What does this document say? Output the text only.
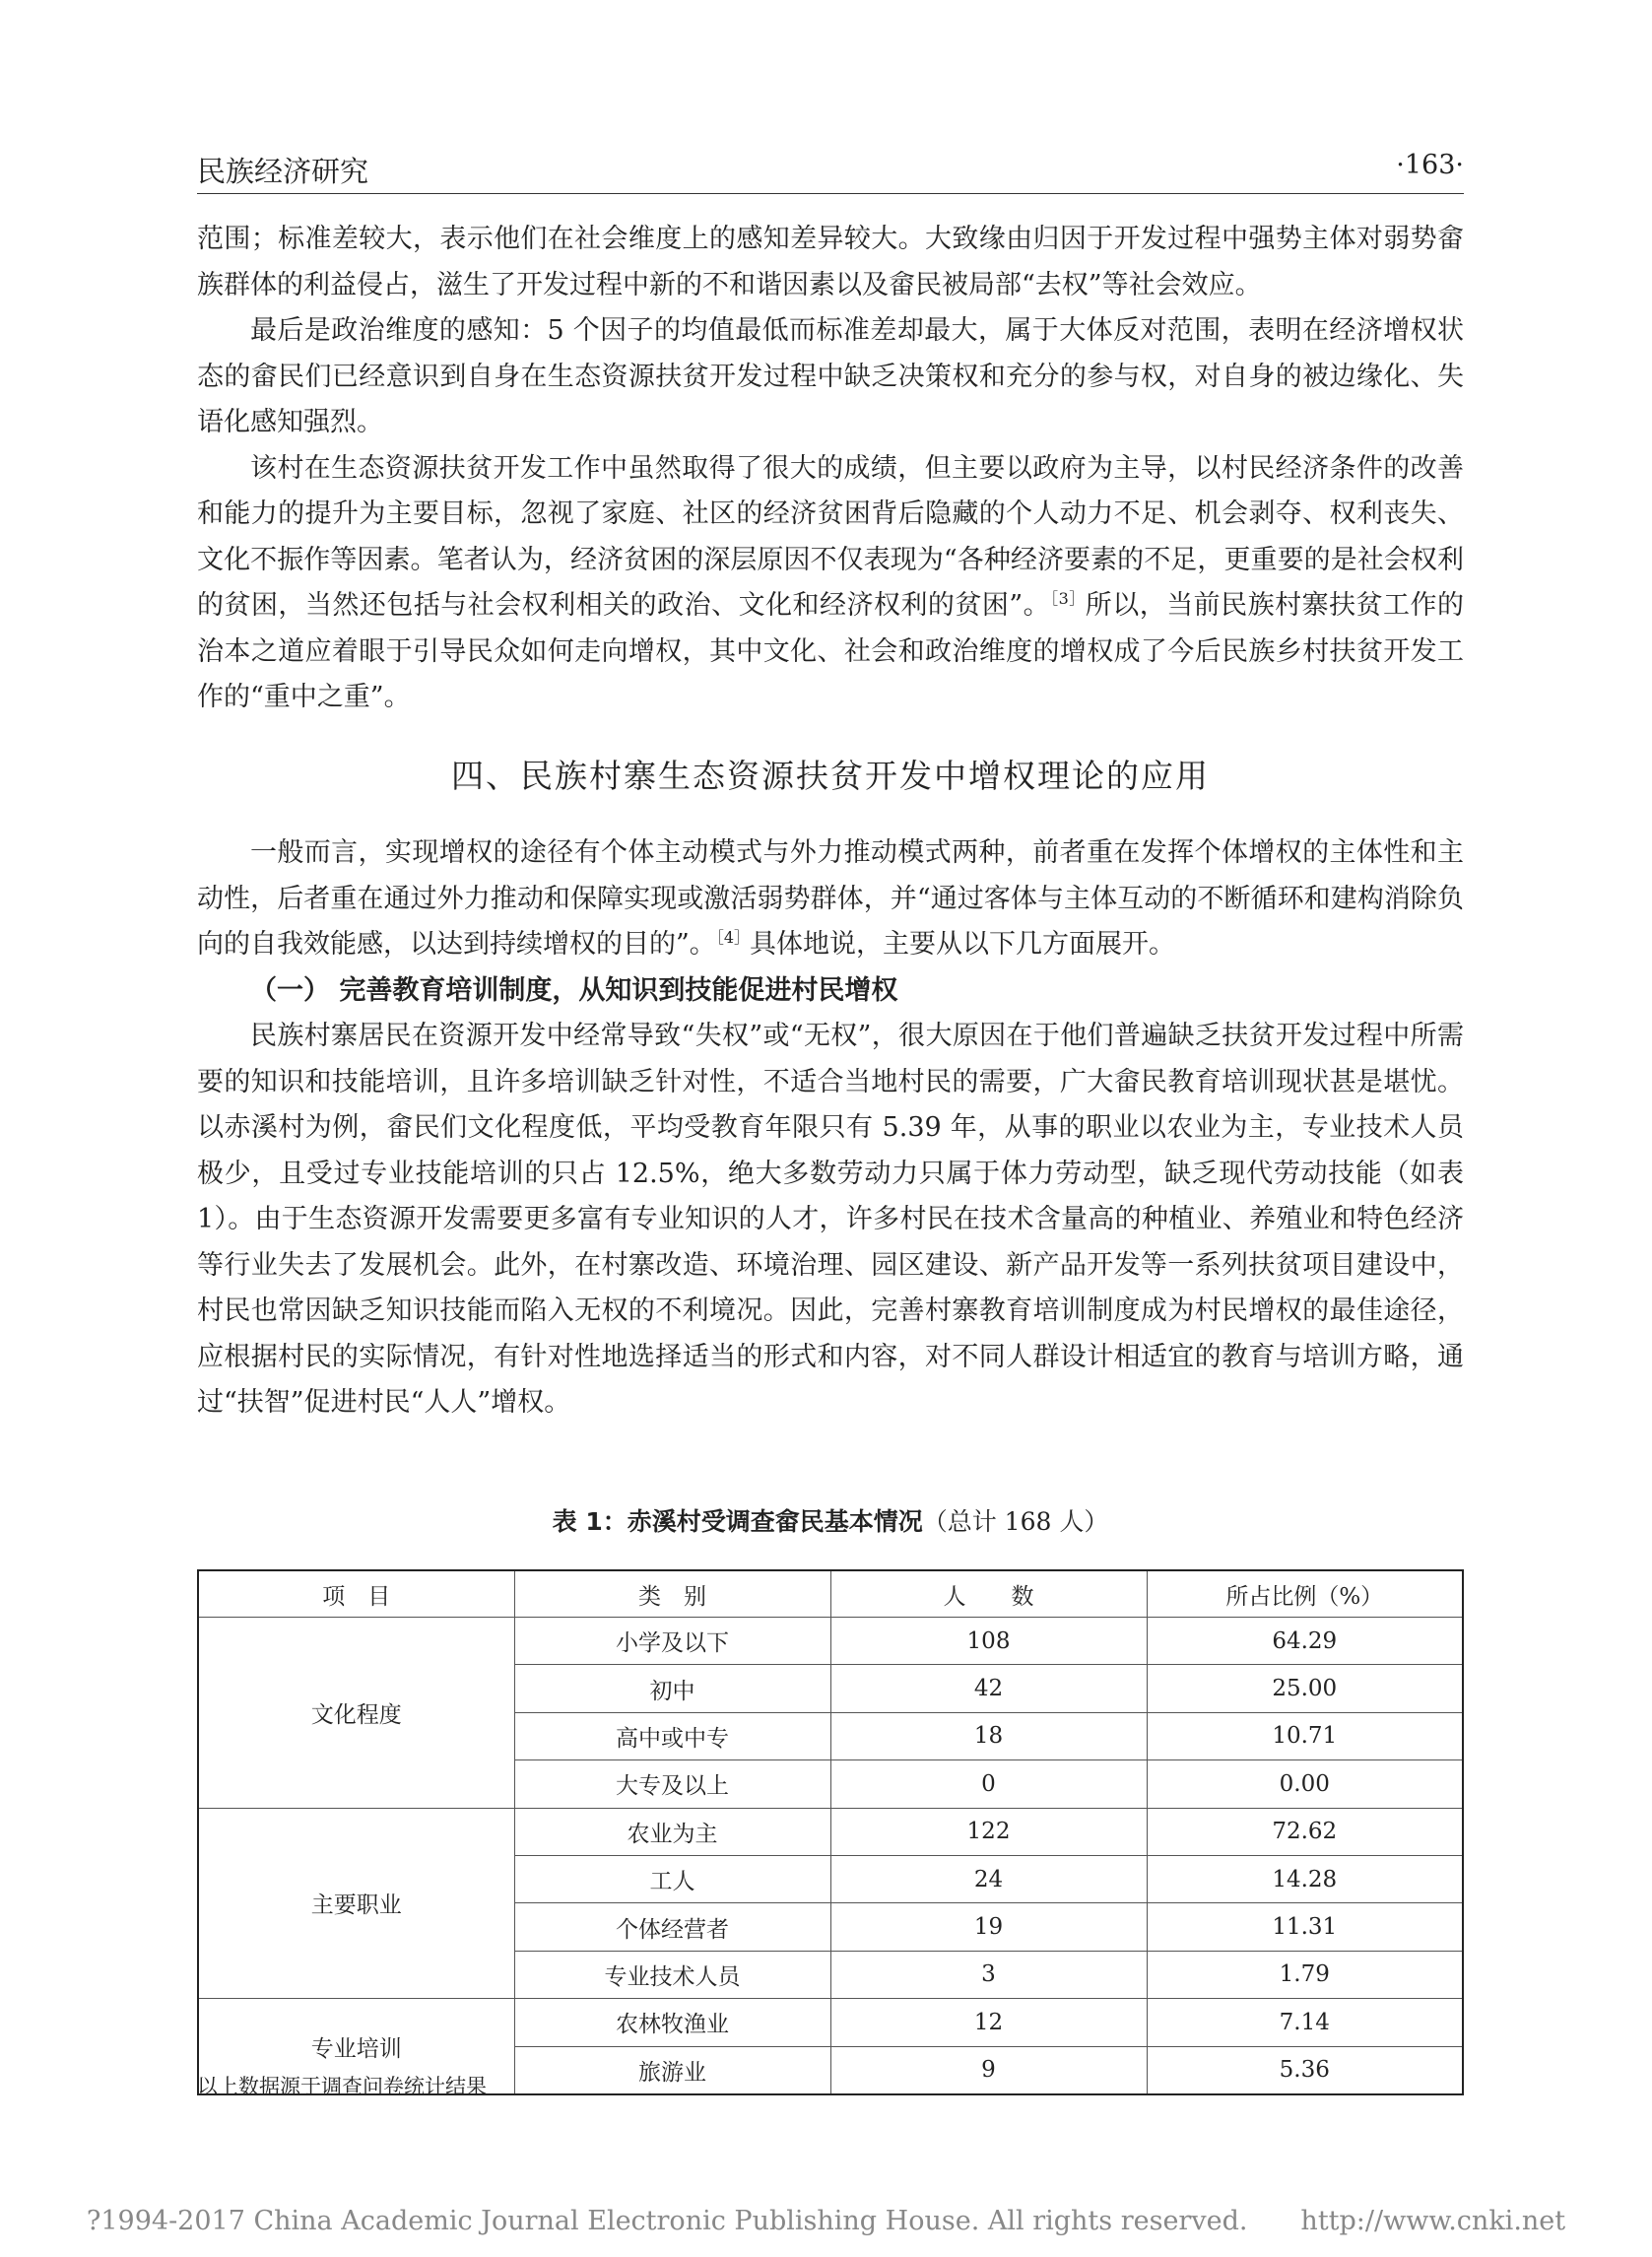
民族经济研究	·163·

范围；标准差较大，表示他们在社会维度上的感知差异较大。大致缘由归因于开发过程中强势主体对弱势畲族群体的利益侵占，滋生了开发过程中新的不和谐因素以及畲民被局部“去权”等社会效应。

最后是政治维度的感知：5 个因子的均值最低而标准差却最大，属于大体反对范围，表明在经济增权状态的畲民们已经意识到自身在生态资源扶贫开发过程中缺乏决策权和充分的参与权，对自身的被边缘化、失语化感知强烈。

该村在生态资源扶贫开发工作中虽然取得了很大的成绩，但主要以政府为主导，以村民经济条件的改善和能力的提升为主要目标，忽视了家庭、社区的经济贫困背后隐藏的个人动力不足、机会剥夺、权利丧失、文化不振作等因素。笔者认为，经济贫困的深层原因不仅表现为“各种经济要素的不足，更重要的是社会权利的贫困，当然还包括与社会权利相关的政治、文化和经济权利的贫困”。$^{[3]}$所以，当前民族村寨扶贫工作的治本之道应着眼于引导民众如何走向增权，其中文化、社会和政治维度的增权成了今后民族乡村扶贫开发工作的“重中之重”。

四、民族村寨生态资源扶贫开发中增权理论的应用

一般而言，实现增权的途径有个体主动模式与外力推动模式两种，前者重在发挥个体增权的主体性和主动性，后者重在通过外力推动和保障实现或激活弱势群体，并“通过客体与主体互动的不断循环和建构消除负向的自我效能感，以达到持续增权的目的”。$^{[4]}$具体地说，主要从以下几方面展开。

（一） 完善教育培训制度，从知识到技能促进村民增权

民族村寨居民在资源开发中经常导致“失权”或“无权”，很大原因在于他们普遍缺乏扶贫开发过程中所需要的知识和技能培训，且许多培训缺乏针对性，不适合当地村民的需要，广大畲民教育培训现状甚是堪忧。以赤溪村为例，畲民们文化程度低，平均受教育年限只有 5.39 年，从事的职业以农业为主，专业技术人员极少，且受过专业技能培训的只占 12.5%，绝大多数劳动力只属于体力劳动型，缺乏现代劳动技能（如表 1）。由于生态资源开发需要更多富有专业知识的人才，许多村民在技术含量高的种植业、养殖业和特色经济等行业失去了发展机会。此外，在村寨改造、环境治理、园区建设、新产品开发等一系列扶贫项目建设中，村民也常因缺乏知识技能而陷入无权的不利境况。因此，完善村寨教育培训制度成为村民增权的最佳途径，应根据村民的实际情况，有针对性地选择适当的形式和内容，对不同人群设计相适宜的教育与培训方略，通过“扶智”促进村民“人人”增权。

表 1：赤溪村受调查畲民基本情况（总计 168 人）
项　目	类　别	人　　数	所占比例（%）
文化程度	小学及以下	108	64.29
	初中	42	25.00
	高中或中专	18	10.71
	大专及以上	0	0.00
主要职业	农业为主	122	72.62
	工人	24	14.28
	个体经营者	19	11.31
	专业技术人员	3	1.79
专业培训	农林牧渔业	12	7.14
	旅游业	9	5.36
以上数据源于调查问卷统计结果
?1994-2017 China Academic Journal Electronic Publishing House. All rights reserved.　　http://www.cnki.net
